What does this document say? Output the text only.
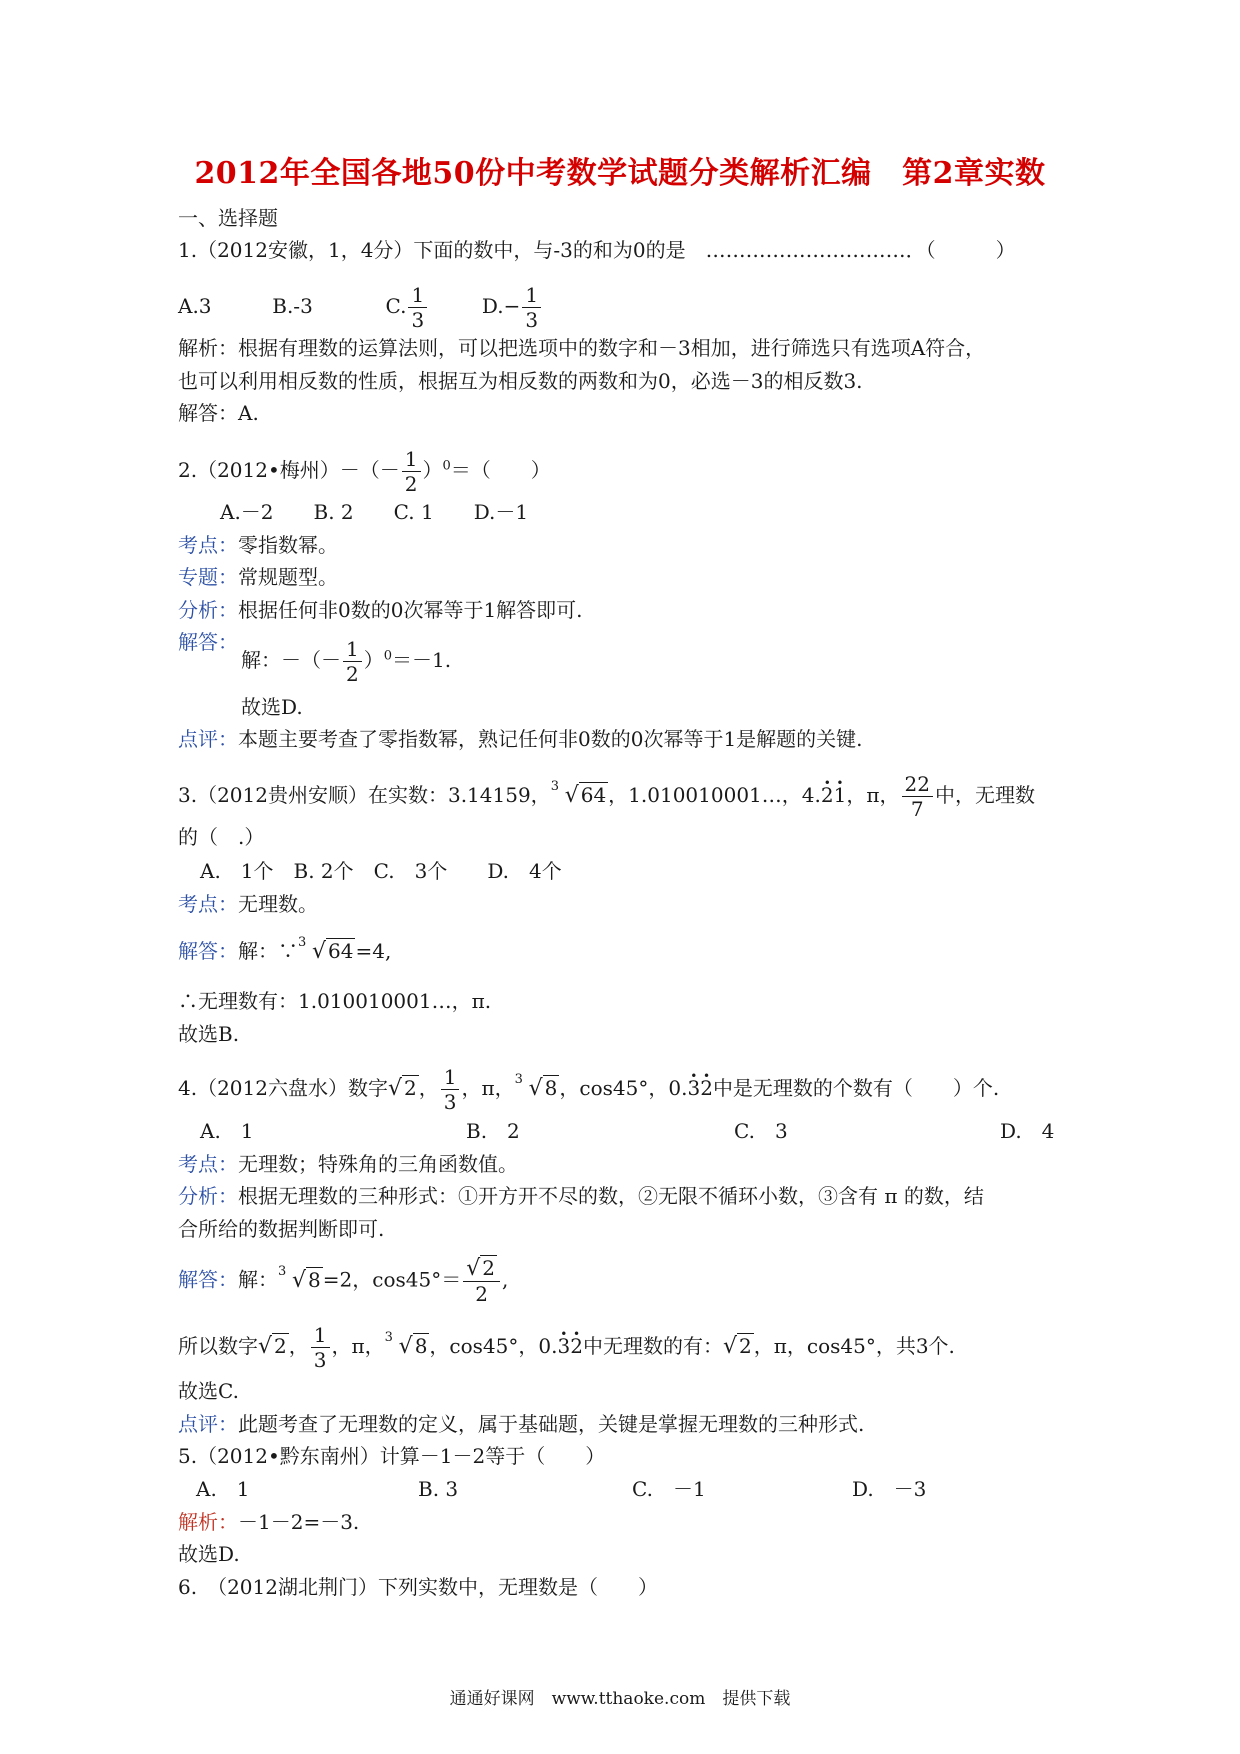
2012年全国各地50份中考数学试题分类解析汇编　第2章实数
一、选择题
1.（2012安徽，1，4分）下面的数中，与-3的和为0的是　…………………………．（　　　）
A.3	B.-3	C. $\frac{1}{3}$	$D.- \frac{1}{3}$
解析：根据有理数的运算法则，可以把选项中的数字和－3相加，进行筛选只有选项A符合，
也可以利用相反数的性质，根据互为相反数的两数和为0，必选－3的相反数3.
解答：A.
2.（2012•梅州）－（－ $\frac{1}{2} )^0=$（　　）
A.－2　　B. 2　　C. 1　　D.－1
考点：零指数幂。
专题：常规题型。
分析：根据任何非0数的0次幂等于1解答即可.
解答：
解：－（－ $\frac{1}{2} )^0=-1$.
故选D.
点评：本题主要考查了零指数幂，熟记任何非0数的0次幂等于1是解题的关键.
3.（2012贵州安顺）在实数：3.14159， 3 √ 64 ，1.010010001…，4.• 2• 1，π， $\frac{22}{7}$ 中，无理数
的（　.）
A.　1个　B. 2个　C.　3个　　D.　4个
考点：无理数。
解答：解：∵ 3 √ 64 =4,
∴无理数有：1.010010001…，π.
故选B.
4.（2012六盘水）数字√ 2 ， $\frac{1}{3}$ ，π， 3 √ 8 ，cos45°，0.• 3• 2中是无理数的个数有（　　）个.
A.　1	B.　2	C.　3	D.　4
考点：无理数；特殊角的三角函数值。
分析：根据无理数的三种形式：①开方开不尽的数，②无限不循环小数，③含有 π 的数，结
合所给的数据判断即可.
解答：解： 3 √ 8 =2，$\cos 45^\circ= \frac{√ 2}{2}$ ,
所以数字√ 2 ， $\frac{1}{3}$ ，π， 3 √ 8 ，cos45°，0.• 3• 2中无理数的有：√ 2 ，π，cos45°，共3个.
故选C.
点评：此题考查了无理数的定义，属于基础题，关键是掌握无理数的三种形式.
5.（2012•黔东南州）计算－1－2等于（　　）
A.　1	B. 3	C.　－1	D.　－3
解析：－1－2=－3.
故选D.
6.　（2012湖北荆门）下列实数中，无理数是（　　）
通通好课网　www.tthaoke.com　提供下载
